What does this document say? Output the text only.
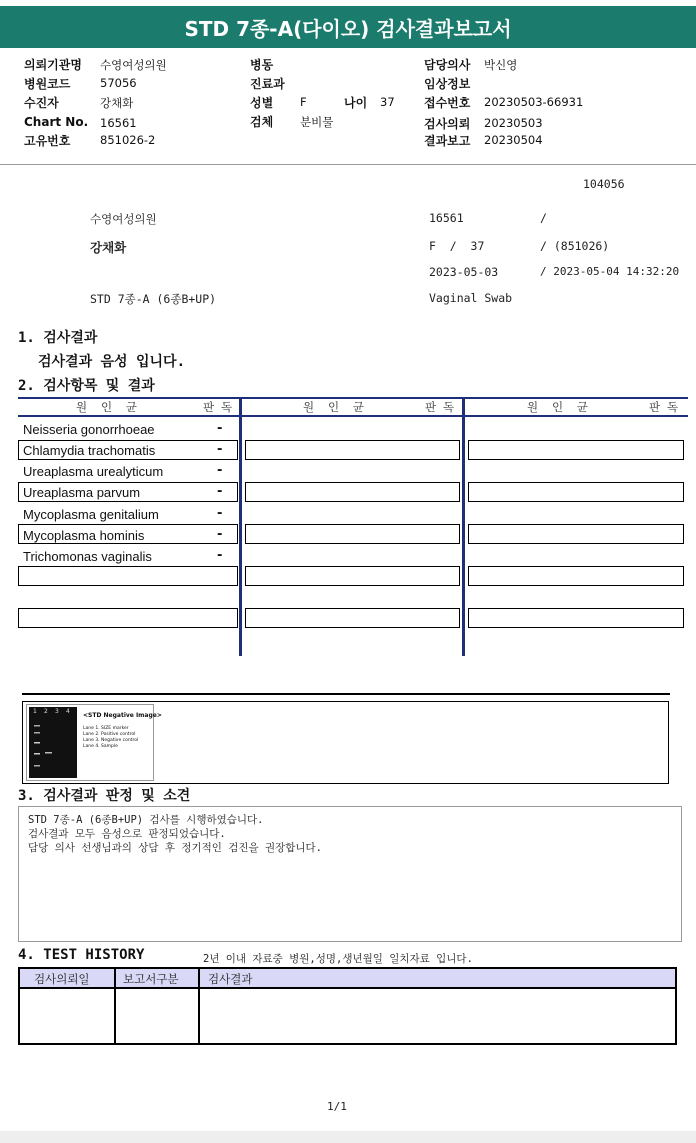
STD 7종-A(다이오) 검사결과보고서
의뢰기관명 수영여성의원
병원코드	57056
수진자	강채화
Chart No. 16561
고유번호	851026-2
병동
진료과
성별 F	나이 37
검체 분비물
담당의사 박신영
임상정보
접수번호 20230503-66931
검사의뢰 20230503
결과보고 20230504
104056
수영여성의원	16561	/
강채화	F  /  37	/ (851026)
2023-05-03	/ 2023-05-04 14:32:20
STD 7종-A (6종B+UP)	Vaginal Swab
1. 검사결과
검사결과 음성 입니다.
2. 검사항목 및 결과
원  인  균	판 독	원  인  균	판 독	원  인  균	판 독
Neisseria gonorrhoeae	-
Chlamydia trachomatis	-
Ureaplasma urealyticum	-
Ureaplasma parvum	-
Mycoplasma genitalium	-
Mycoplasma hominis	-
Trichomonas vaginalis	-
1 2 3 4
<STD Negative Image>
Lane 1. SIZE marker
Lane 2. Positive control
Lane 3. Negative control
Lane 4. Sample
3. 검사결과 판정 및 소견
STD 7종-A (6종B+UP) 검사를 시행하였습니다.
검사결과 모두 음성으로 판정되었습니다.
담당 의사 선생님과의 상담 후 정기적인 검진을 권장합니다.
4. TEST HISTORY	2년 이내 자료중 병원,성명,생년월일 일치자료 입니다.
검사의뢰일	보고서구분	검사결과
1/1
